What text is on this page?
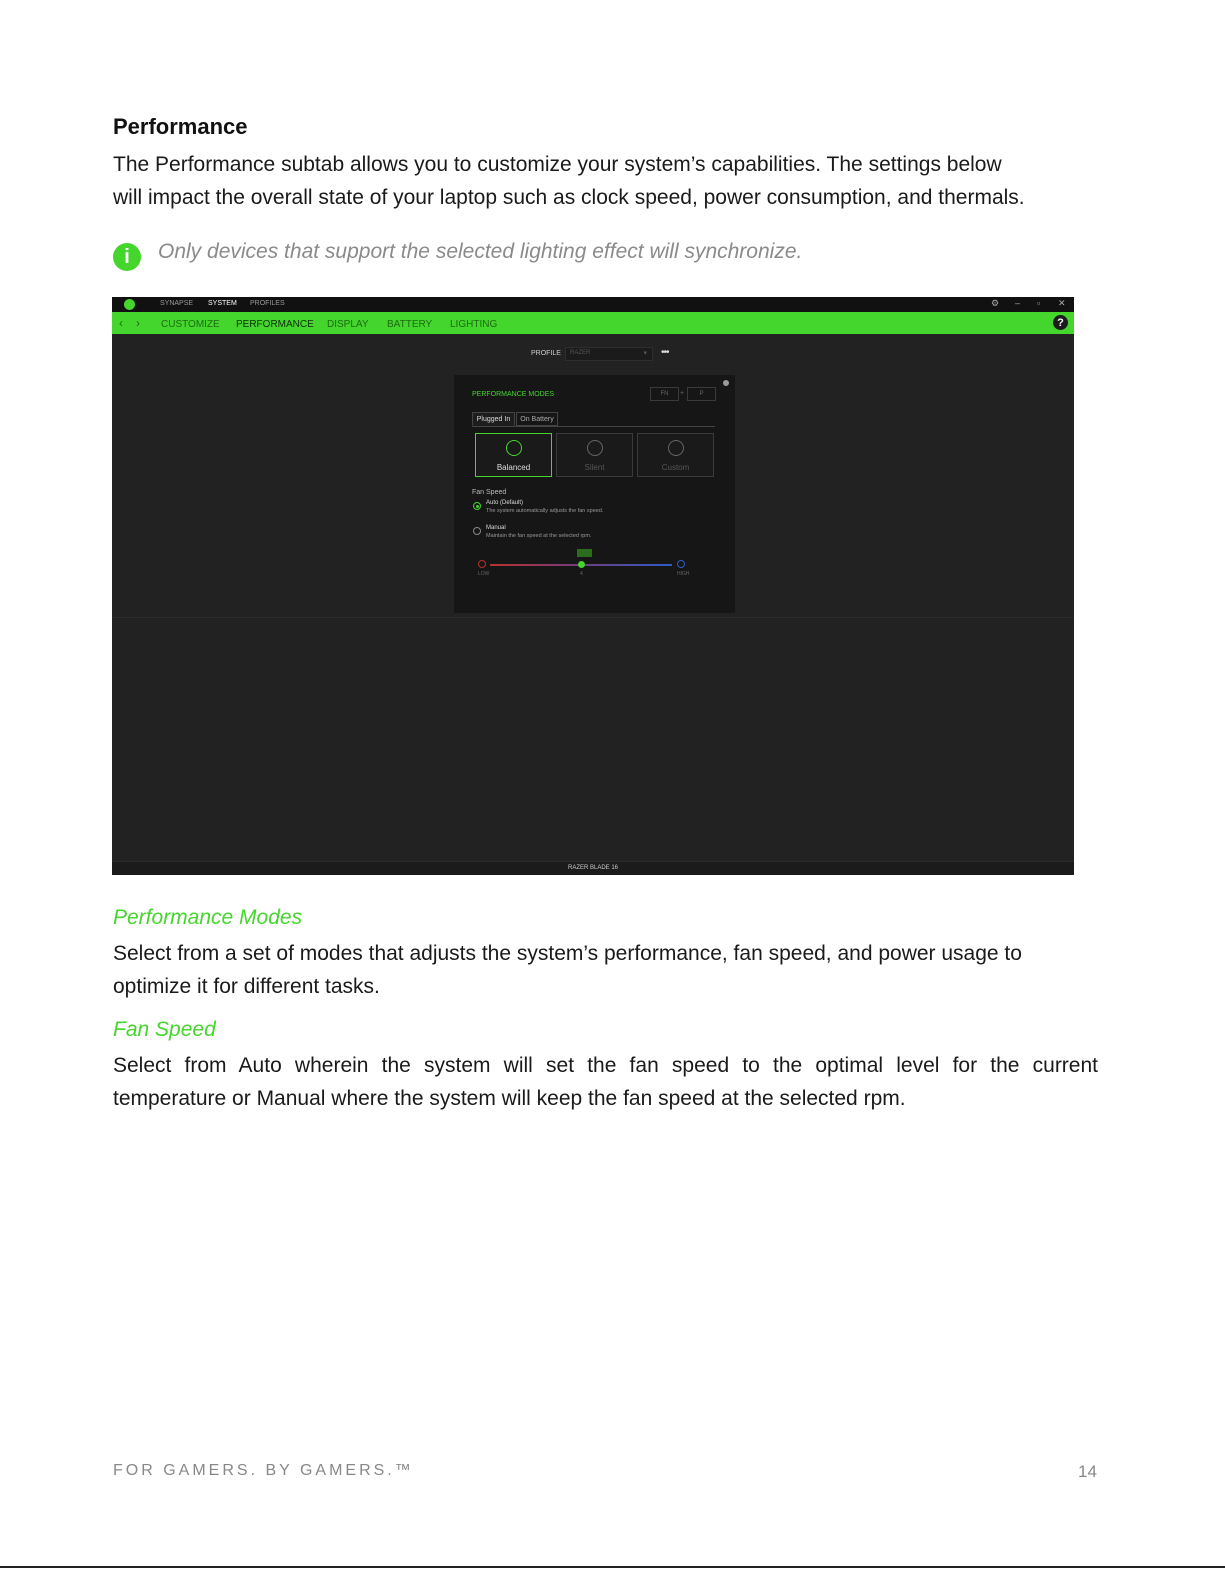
Performance
The Performance subtab allows you to customize your system’s capabilities. The settings below
will impact the overall state of your laptop such as clock speed, power consumption, and thermals.
i	Only devices that support the selected lighting effect will synchronize.
SYNAPSE SYSTEM PROFILES	⚙ – ▫ ✕
‹ › CUSTOMIZE PERFORMANCE DISPLAY BATTERY LIGHTING	?
PROFILE RAZER	▾ •••
PERFORMANCE MODES	FN	+	P
Plugged In	On Battery
Balanced	Silent	Custom
Fan Speed
Auto (Default)
The system automatically adjusts the fan speed.
Manual
Maintain the fan speed at the selected rpm.
LOW	4	HIGH
RAZER BLADE 16
Performance Modes
Select from a set of modes that adjusts the system’s performance, fan speed, and power usage to
optimize it for different tasks.
Fan Speed
Select from Auto wherein the system will set the fan speed to the optimal level for the current
temperature or Manual where the system will keep the fan speed at the selected rpm.
FOR GAMERS. BY GAMERS.™	14
